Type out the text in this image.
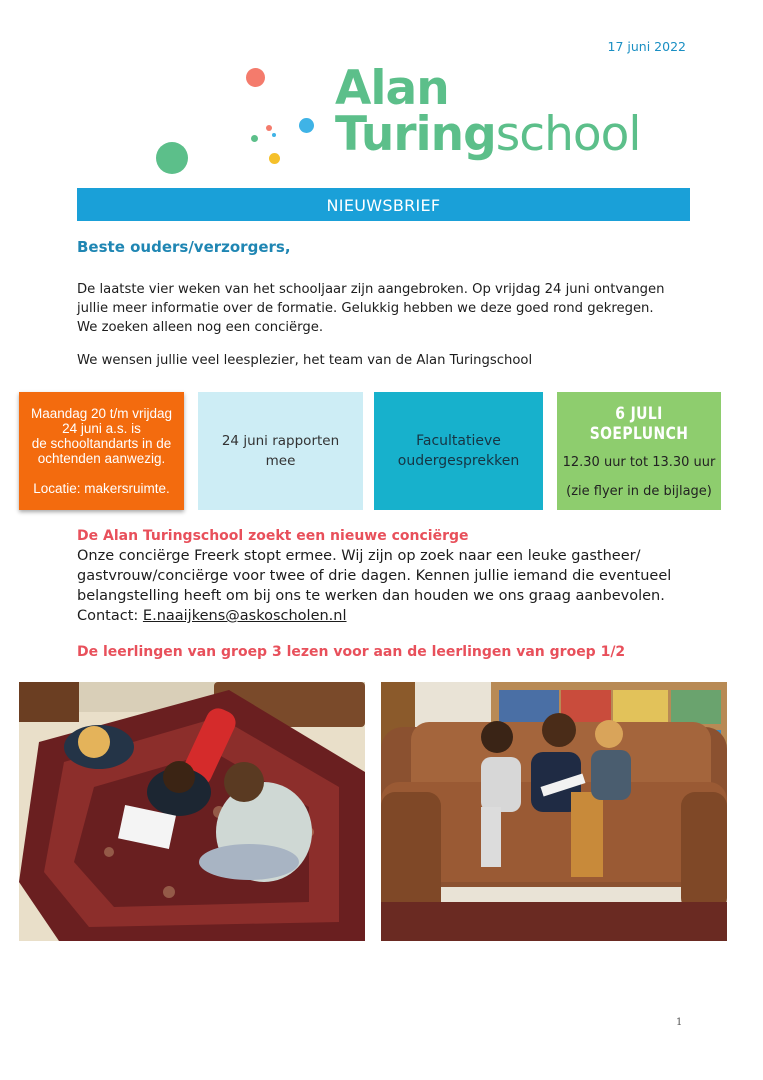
17 juni 2022
Alan
Turingschool
NIEUWSBRIEF
Beste ouders/verzorgers,
De laatste vier weken van het schooljaar zijn aangebroken. Op vrijdag 24 juni ontvangen
jullie meer informatie over de formatie. Gelukkig hebben we deze goed rond gekregen.
We zoeken alleen nog een conciërge.
We wensen jullie veel leesplezier, het team van de Alan Turingschool
Maandag 20 t/m vrijdag
24 juni a.s. is
de schooltandarts in de
ochtenden aanwezig.
Locatie: makersruimte.
24 juni rapporten
mee
Facultatieve
oudergesprekken
6 JULI SOEPLUNCH
12.30 uur tot 13.30 uur
(zie flyer in de bijlage)
De Alan Turingschool zoekt een nieuwe conciërge
Onze conciërge Freerk stopt ermee. Wij zijn op zoek naar een leuke gastheer/
gastvrouw/conciërge voor twee of drie dagen. Kennen jullie iemand die eventueel
belangstelling heeft om bij ons te werken dan houden we ons graag aanbevolen.
Contact: E.naaijkens@askoscholen.nl
De leerlingen van groep 3 lezen voor aan de leerlingen van groep 1/2
1
